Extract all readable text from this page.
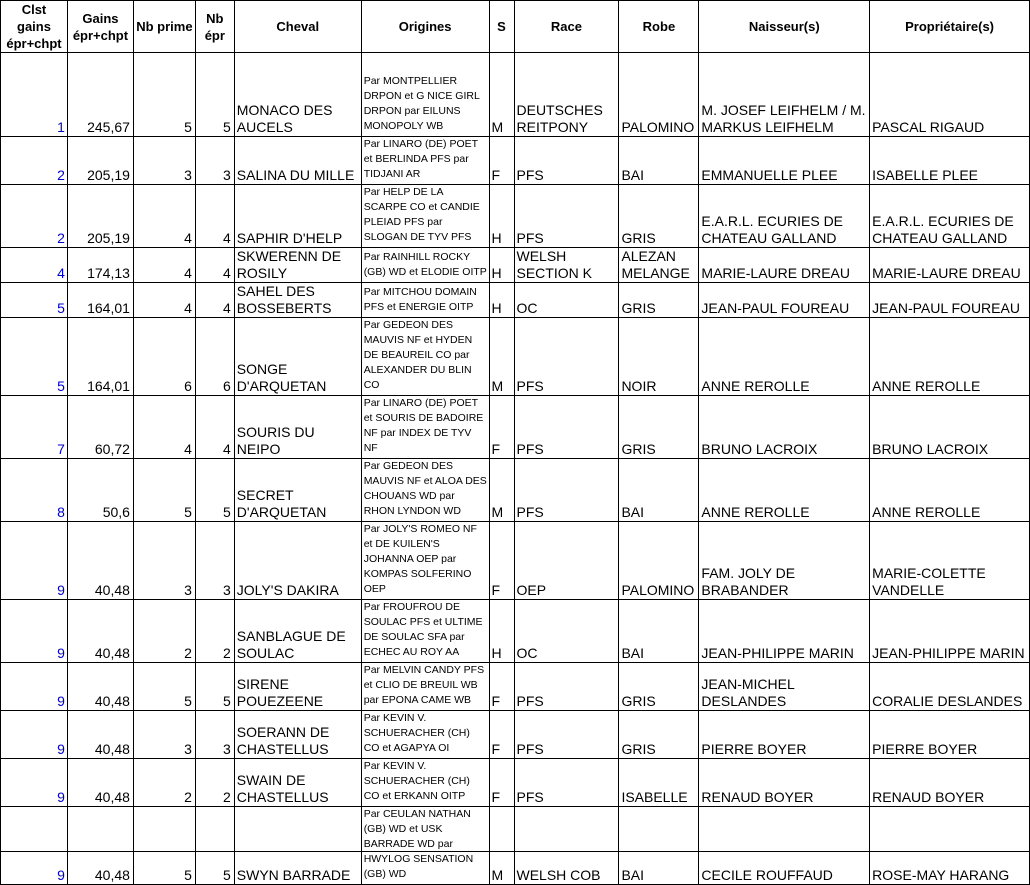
Clst gains épr+chpt	Gains épr+chpt	Nb prime	Nb épr	Cheval	Origines	S	Race	Robe	Naisseur(s)	Propriétaire(s)
1	245,67	5	5	MONACO DES AUCELS	Par MONTPELLIER DRPON et G NICE GIRL DRPON par EILUNS MONOPOLY WB	M	DEUTSCHES REITPONY	PALOMINO	M. JOSEF LEIFHELM / M. MARKUS LEIFHELM	PASCAL RIGAUD
2	205,19	3	3	SALINA DU MILLE	Par LINARO (DE) POET et BERLINDA PFS par TIDJANI AR	F	PFS	BAI	EMMANUELLE PLEE	ISABELLE PLEE
2	205,19	4	4	SAPHIR D'HELP	Par HELP DE LA SCARPE CO et CANDIE PLEIAD PFS par SLOGAN DE TYV PFS	H	PFS	GRIS	E.A.R.L. ECURIES DE CHATEAU GALLAND	E.A.R.L. ECURIES DE CHATEAU GALLAND
4	174,13	4	4	SKWERENN DE ROSILY	Par RAINHILL ROCKY (GB) WD et ELODIE OITP	H	WELSH SECTION K	ALEZAN MELANGE	MARIE-LAURE DREAU	MARIE-LAURE DREAU
5	164,01	4	4	SAHEL DES BOSSEBERTS	Par MITCHOU DOMAIN PFS et ENERGIE OITP	H	OC	GRIS	JEAN-PAUL FOUREAU	JEAN-PAUL FOUREAU
5	164,01	6	6	SONGE D'ARQUETAN	Par GEDEON DES MAUVIS NF et HYDEN DE BEAUREIL CO par ALEXANDER DU BLIN CO	M	PFS	NOIR	ANNE REROLLE	ANNE REROLLE
7	60,72	4	4	SOURIS DU NEIPO	Par LINARO (DE) POET et SOURIS DE BADOIRE NF par INDEX DE TYV NF	F	PFS	GRIS	BRUNO LACROIX	BRUNO LACROIX
8	50,6	5	5	SECRET D'ARQUETAN	Par GEDEON DES MAUVIS NF et ALOA DES CHOUANS WD par RHON LYNDON WD	M	PFS	BAI	ANNE REROLLE	ANNE REROLLE
9	40,48	3	3	JOLY'S DAKIRA	Par JOLY'S ROMEO NF et DE KUILEN'S JOHANNA OEP par KOMPAS SOLFERINO OEP	F	OEP	PALOMINO	FAM. JOLY DE BRABANDER	MARIE-COLETTE VANDELLE
9	40,48	2	2	SANBLAGUE DE SOULAC	Par FROUFROU DE SOULAC PFS et ULTIME DE SOULAC SFA par ECHEC AU ROY AA	H	OC	BAI	JEAN-PHILIPPE MARIN	JEAN-PHILIPPE MARIN
9	40,48	5	5	SIRENE POUEZEENE	Par MELVIN CANDY PFS et CLIO DE BREUIL WB par EPONA CAME WB	F	PFS	GRIS	JEAN-MICHEL DESLANDES	CORALIE DESLANDES
9	40,48	3	3	SOERANN DE CHASTELLUS	Par KEVIN V. SCHUERACHER (CH) CO et AGAPYA OI	F	PFS	GRIS	PIERRE BOYER	PIERRE BOYER
9	40,48	2	2	SWAIN DE CHASTELLUS	Par KEVIN V. SCHUERACHER (CH) CO et ERKANN OITP	F	PFS	ISABELLE	RENAUD BOYER	RENAUD BOYER
9	40,48	5	5	SWYN BARRADE	Par CEULAN NATHAN (GB) WD et USK BARRADE WD par HWYLOG SENSATION (GB) WD	M	WELSH COB	BAI	CECILE ROUFFAUD	ROSE-MAY HARANG
